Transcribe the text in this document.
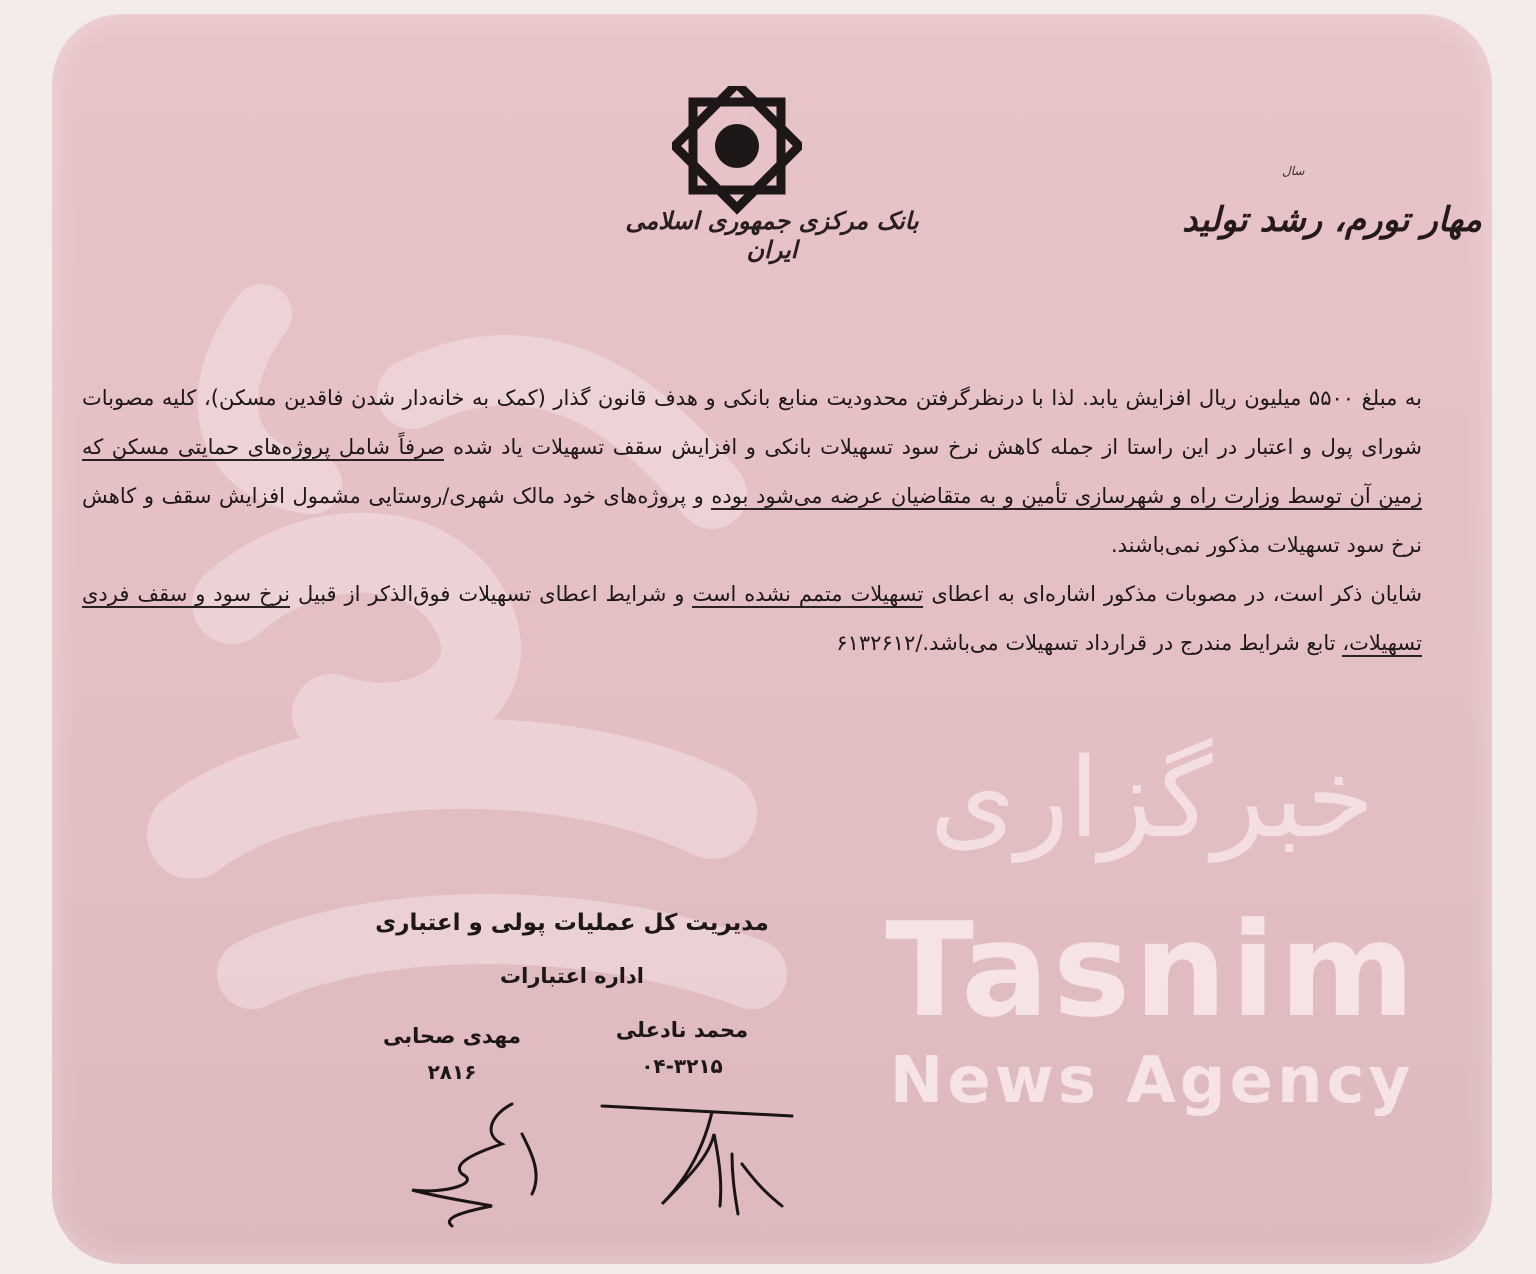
خبرگزاری
Tasnim
News Agency
بانک مرکزی جمهوری اسلامی ایران
سال
مهار تورم، رشد تولید

به مبلغ ۵۵۰۰ میلیون ریال افزایش یابد. لذا با درنظرگرفتن محدودیت منابع بانکی و هدف قانون گذار (کمک به خانه‌دار شدن فاقدین مسکن)، کلیه مصوبات شورای پول و اعتبار در این راستا از جمله کاهش نرخ سود تسهیلات بانکی و افزایش سقف تسهیلات یاد شده صرفاً شامل پروژه‌های حمایتی مسکن که زمین آن توسط وزارت راه و شهرسازی تأمین و به متقاضیان عرضه می‌شود بوده و پروژه‌های خود مالک شهری/روستایی مشمول افزایش سقف و کاهش نرخ سود تسهیلات مذکور نمی‌باشند.

شایان ذکر است، در مصوبات مذکور اشاره‌ای به اعطای تسهیلات متمم نشده است و شرایط اعطای تسهیلات فوق‌الذکر از قبیل نرخ سود و سقف فردی تسهیلات، تابع شرایط مندرج در قرارداد تسهیلات می‌باشد./۶۱۳۲۶۱۲

مدیریت کل عملیات پولی و اعتباری
اداره اعتبارات
محمد نادعلی
۰۴-۳۲۱۵
مهدی صحابی
۲۸۱۶
